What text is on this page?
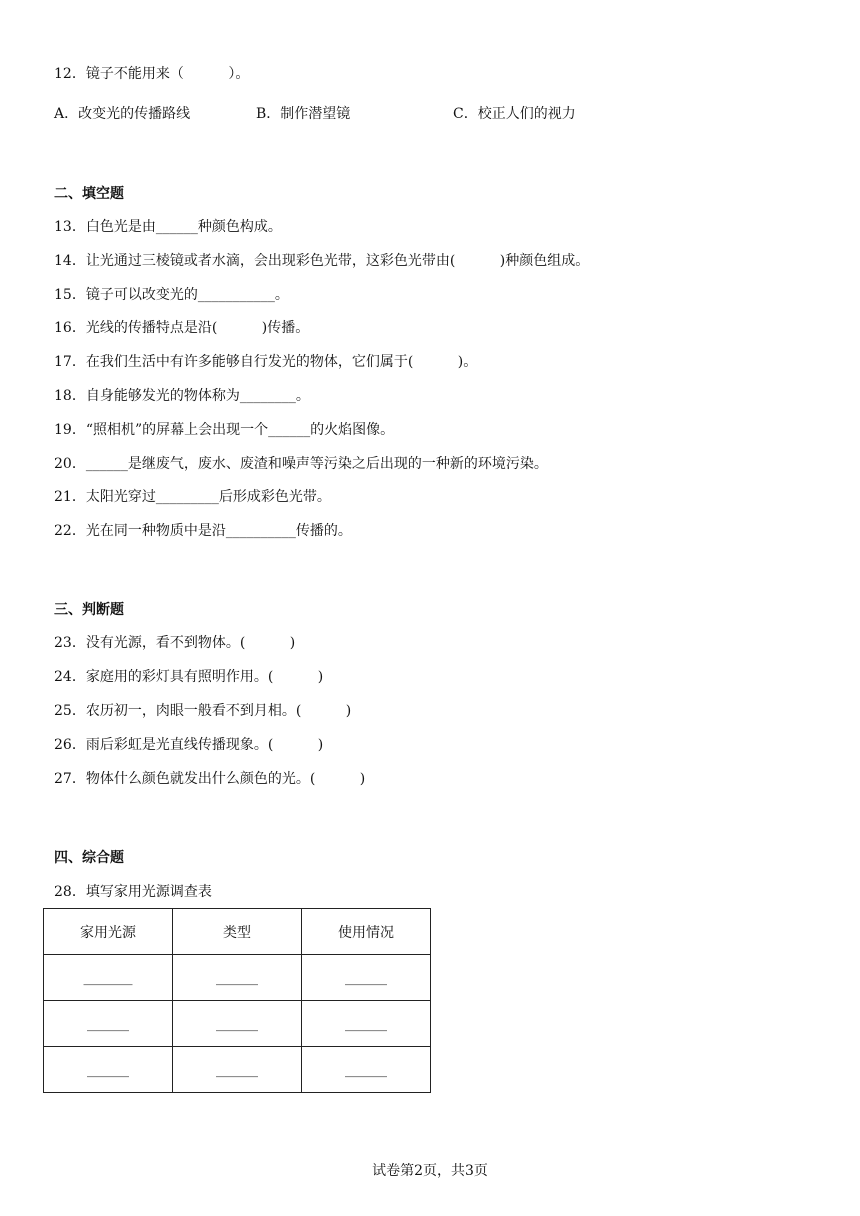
12．镜子不能用来（          ）。
A．改变光的传播路线	B．制作潜望镜	C．校正人们的视力
二、填空题
13．白色光是由______种颜色构成。
14．让光通过三棱镜或者水滴，会出现彩色光带，这彩色光带由(          )种颜色组成。
15．镜子可以改变光的___________。
16．光线的传播特点是沿(          )传播。
17．在我们生活中有许多能够自行发光的物体，它们属于(          )。
18．自身能够发光的物体称为________。
19．“照相机”的屏幕上会出现一个______的火焰图像。
20．______是继废气，废水、废渣和噪声等污染之后出现的一种新的环境污染。
21．太阳光穿过_________后形成彩色光带。
22．光在同一种物质中是沿__________传播的。
三、判断题
23．没有光源，看不到物体。(          )
24．家庭用的彩灯具有照明作用。(          )
25．农历初一，肉眼一般看不到月相。(          )
26．雨后彩虹是光直线传播现象。(          )
27．物体什么颜色就发出什么颜色的光。(          )
四、综合题
28．填写家用光源调查表
家用光源	类型	使用情况
_______	______	______
______	______	______
______	______	______
试卷第2页，共3页
